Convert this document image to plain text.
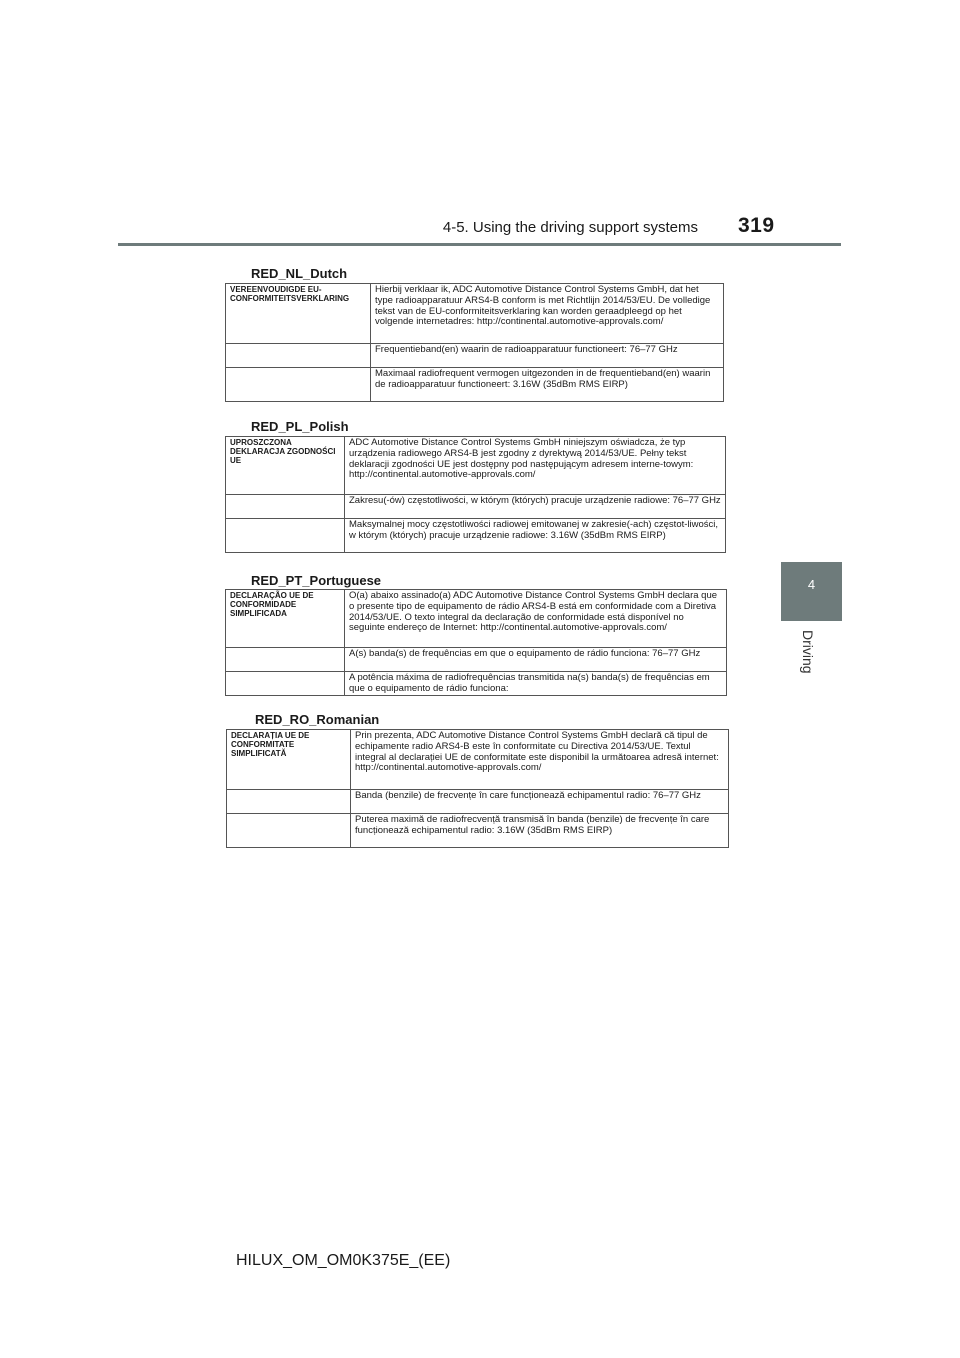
4-5. Using the driving support systems 319
4
Driving
RED_NL_Dutch
VEREENVOUDIGDE EU-CONFORMITEITSVERKLARING	Hierbij verklaar ik, ADC Automotive Distance Control Systems GmbH, dat het type radioapparatuur ARS4-B conform is met Richtlijn 2014/53/EU. De volledige tekst van de EU-conformiteitsverklaring kan worden geraadpleegd op het volgende internetadres: http://continental.automotive-approvals.com/
	Frequentieband(en) waarin de radioapparatuur functioneert: 76–77 GHz
	Maximaal radiofrequent vermogen uitgezonden in de frequentieband(en) waarin de radioapparatuur functioneert: 3.16W (35dBm RMS EIRP)
RED_PL_Polish
UPROSZCZONA DEKLARACJA ZGODNOŚCI UE	ADC Automotive Distance Control Systems GmbH niniejszym oświadcza, że typ urządzenia radiowego ARS4-B jest zgodny z dyrektywą 2014/53/UE. Pełny tekst deklaracji zgodności UE jest dostępny pod następującym adresem interne-towym: http://continental.automotive-approvals.com/
	Zakresu(-ów) częstotliwości, w którym (których) pracuje urządzenie radiowe: 76–77 GHz
	Maksymalnej mocy częstotliwości radiowej emitowanej w zakresie(-ach) częstot-liwości, w którym (których) pracuje urządzenie radiowe: 3.16W (35dBm RMS EIRP)
RED_PT_Portuguese
DECLARAÇÃO UE DE CONFORMIDADE SIMPLIFICADA	O(a) abaixo assinado(a) ADC Automotive Distance Control Systems GmbH declara que o presente tipo de equipamento de rádio ARS4-B está em conformidade com a Diretiva 2014/53/UE. O texto integral da declaração de conformidade está disponível no seguinte endereço de Internet: http://continental.automotive-approvals.com/
	A(s) banda(s) de frequências em que o equipamento de rádio funciona: 76–77 GHz
	A potência máxima de radiofrequências transmitida na(s) banda(s) de frequências em que o equipamento de rádio funciona:
RED_RO_Romanian
DECLARAȚIA UE DE CONFORMITATE SIMPLIFICATĂ	Prin prezenta, ADC Automotive Distance Control Systems GmbH declară că tipul de echipamente radio ARS4-B este în conformitate cu Directiva 2014/53/UE. Textul integral al declarației UE de conformitate este disponibil la următoarea adresă internet: http://continental.automotive-approvals.com/
	Banda (benzile) de frecvențe în care funcționează echipamentul radio: 76–77 GHz
	Puterea maximă de radiofrecvență transmisă în banda (benzile) de frecvențe în care funcționează echipamentul radio: 3.16W (35dBm RMS EIRP)
HILUX_OM_OM0K375E_(EE)
